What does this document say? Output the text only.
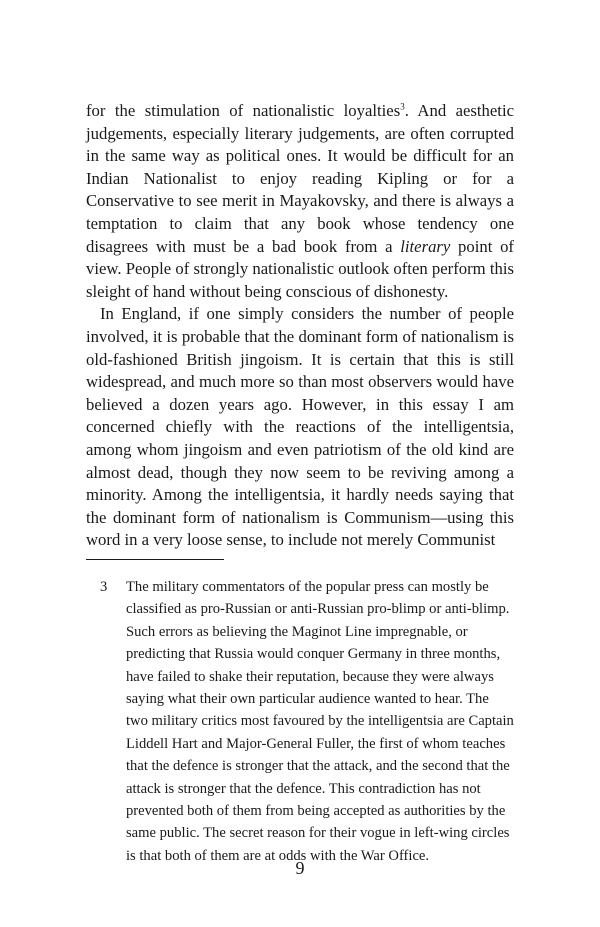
for the stimulation of nationalistic loyalties$^3$. And aesthetic judgements, especially literary judgements, are often corrupted in the same way as political ones. It would be difficult for an Indian Nationalist to enjoy reading Kipling or for a Conservative to see merit in Mayakovsky, and there is always a temptation to claim that any book whose tendency one disagrees with must be a bad book from a literary point of view. People of strongly nationalistic outlook often perform this sleight of hand without being conscious of dishonesty.

In England, if one simply considers the number of people involved, it is probable that the dominant form of nationalism is old-fashioned British jingoism. It is certain that this is still widespread, and much more so than most observers would have believed a dozen years ago. However, in this essay I am concerned chiefly with the reactions of the intelligentsia, among whom jingoism and even patriotism of the old kind are almost dead, though they now seem to be reviving among a minority. Among the intelligentsia, it hardly needs saying that the dominant form of nationalism is Communism—using this word in a very loose sense, to include not merely Communist

3 The military commentators of the popular press can mostly be classified as pro-Russian or anti-Russian pro-blimp or anti-blimp. Such errors as believing the Maginot Line impregnable, or predicting that Russia would conquer Germany in three months, have failed to shake their reputation, because they were always saying what their own particular audience wanted to hear. The two military critics most favoured by the intelligentsia are Captain Liddell Hart and Major-General Fuller, the first of whom teaches that the defence is stronger that the attack, and the second that the attack is stronger that the defence. This contradiction has not prevented both of them from being accepted as authorities by the same public. The secret reason for their vogue in left-wing circles is that both of them are at odds with the War Office.
9
